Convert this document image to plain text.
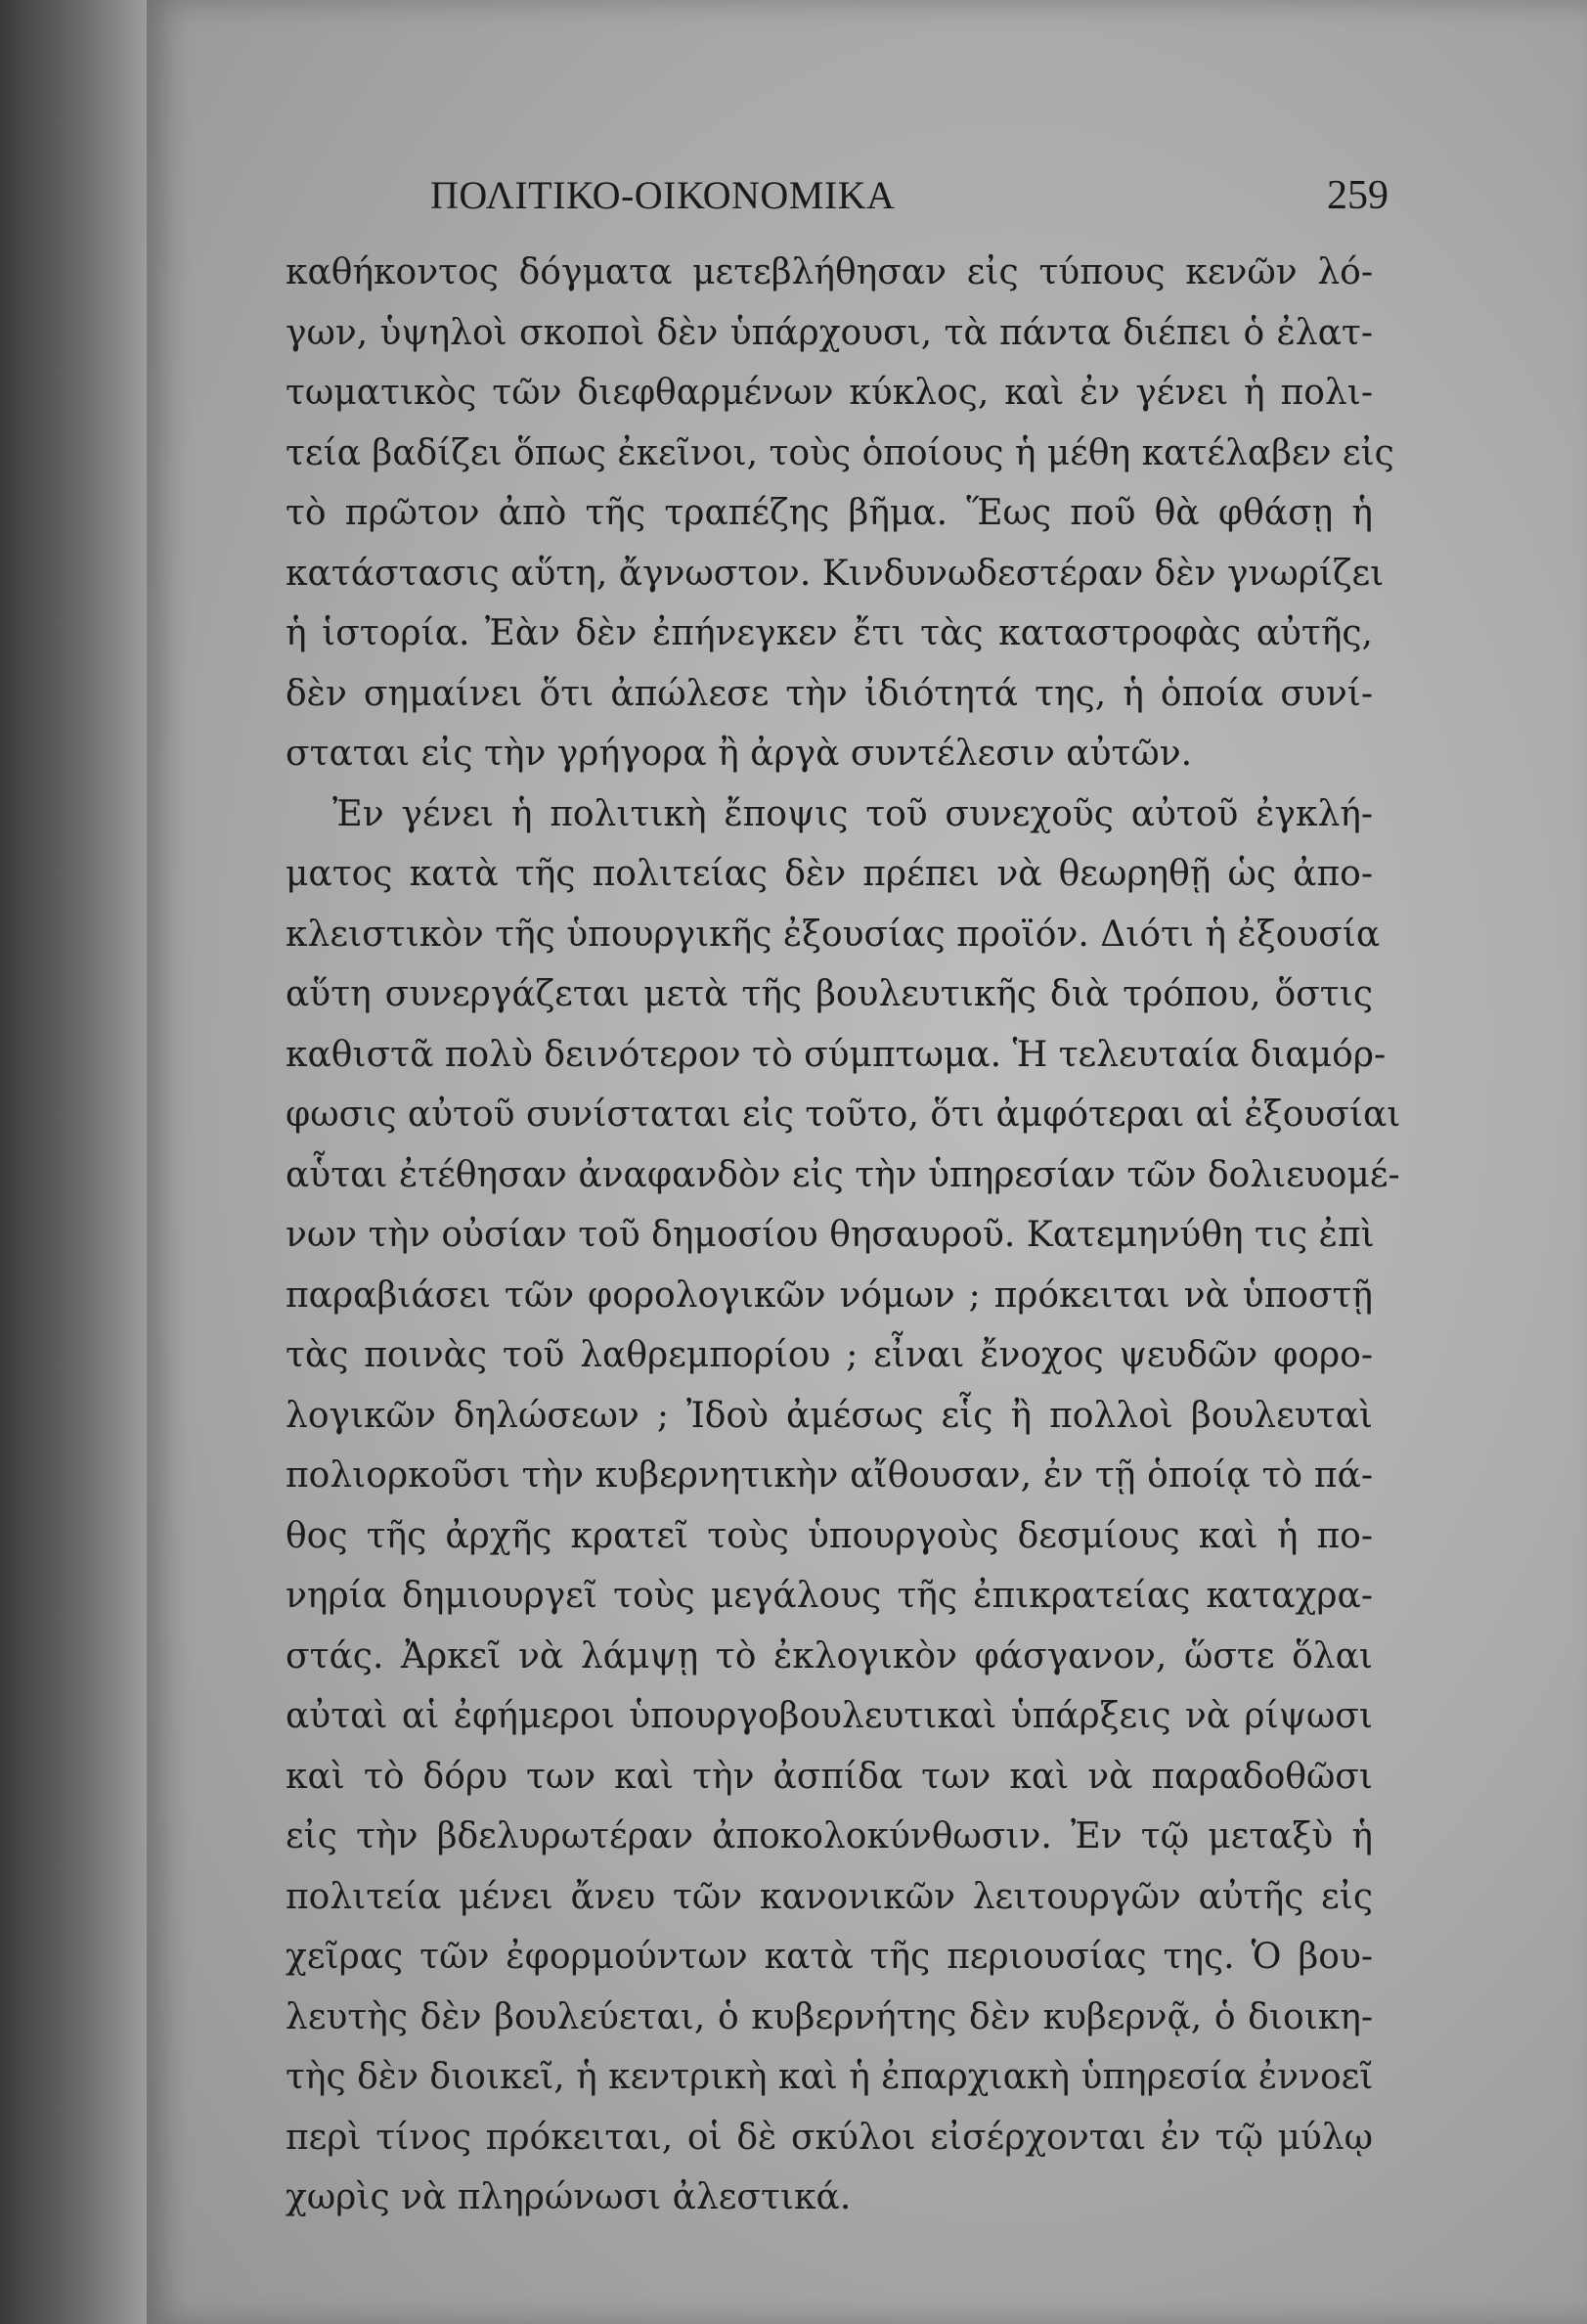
ΠΟΛΙΤΙΚΟ-ΟΙΚΟΝΟΜΙΚΑ	259
καθήκοντος δόγματα μετεβλήθησαν εἰς τύπους κενῶν λό-
γων, ὑψηλοὶ σκοποὶ δὲν ὑπάρχουσι, τὰ πάντα διέπει ὁ ἐλατ-
τωματικὸς τῶν διεφθαρμένων κύκλος, καὶ ἐν γένει ἡ πολι-
τεία βαδίζει ὅπως ἐκεῖνοι, τοὺς ὁποίους ἡ μέθη κατέλαβεν εἰς
τὸ πρῶτον ἀπὸ τῆς τραπέζης βῆμα. Ἕως ποῦ θὰ φθάσῃ ἡ
κατάστασις αὕτη, ἄγνωστον. Κινδυνωδεστέραν δὲν γνωρίζει
ἡ ἱστορία. Ἐὰν δὲν ἐπήνεγκεν ἔτι τὰς καταστροφὰς αὐτῆς,
δὲν σημαίνει ὅτι ἀπώλεσε τὴν ἰδιότητά της, ἡ ὁποία συνί-
σταται εἰς τὴν γρήγορα ἢ ἀργὰ συντέλεσιν αὐτῶν.
Ἐν γένει ἡ πολιτικὴ ἔποψις τοῦ συνεχοῦς αὐτοῦ ἐγκλή-
ματος κατὰ τῆς πολιτείας δὲν πρέπει νὰ θεωρηθῇ ὡς ἀπο-
κλειστικὸν τῆς ὑπουργικῆς ἐξουσίας προϊόν. Διότι ἡ ἐξουσία
αὕτη συνεργάζεται μετὰ τῆς βουλευτικῆς διὰ τρόπου, ὅστις
καθιστᾶ πολὺ δεινότερον τὸ σύμπτωμα. Ἡ τελευταία διαμόρ-
φωσις αὐτοῦ συνίσταται εἰς τοῦτο, ὅτι ἀμφότεραι αἱ ἐξουσίαι
αὗται ἐτέθησαν ἀναφανδὸν εἰς τὴν ὑπηρεσίαν τῶν δολιευομέ-
νων τὴν οὐσίαν τοῦ δημοσίου θησαυροῦ. Κατεμηνύθη τις ἐπὶ
παραβιάσει τῶν φορολογικῶν νόμων ; πρόκειται νὰ ὑποστῇ
τὰς ποινὰς τοῦ λαθρεμπορίου ; εἶναι ἔνοχος ψευδῶν φορο-
λογικῶν δηλώσεων ; Ἰδοὺ ἀμέσως εἷς ἢ πολλοὶ βουλευταὶ
πολιορκοῦσι τὴν κυβερνητικὴν αἴθουσαν, ἐν τῇ ὁποίᾳ τὸ πά-
θος τῆς ἀρχῆς κρατεῖ τοὺς ὑπουργοὺς δεσμίους καὶ ἡ πο-
νηρία δημιουργεῖ τοὺς μεγάλους τῆς ἐπικρατείας καταχρα-
στάς. Ἀρκεῖ νὰ λάμψῃ τὸ ἐκλογικὸν φάσγανον, ὥστε ὅλαι
αὐταὶ αἱ ἐφήμεροι ὑπουργοβουλευτικαὶ ὑπάρξεις νὰ ρίψωσι
καὶ τὸ δόρυ των καὶ τὴν ἀσπίδα των καὶ νὰ παραδοθῶσι
εἰς τὴν βδελυρωτέραν ἀποκολοκύνθωσιν. Ἐν τῷ μεταξὺ ἡ
πολιτεία μένει ἄνευ τῶν κανονικῶν λειτουργῶν αὐτῆς εἰς
χεῖρας τῶν ἐφορμούντων κατὰ τῆς περιουσίας της. Ὁ βου-
λευτὴς δὲν βουλεύεται, ὁ κυβερνήτης δὲν κυβερνᾷ, ὁ διοικη-
τὴς δὲν διοικεῖ, ἡ κεντρικὴ καὶ ἡ ἐπαρχιακὴ ὑπηρεσία ἐννοεῖ
περὶ τίνος πρόκειται, οἱ δὲ σκύλοι εἰσέρχονται ἐν τῷ μύλῳ
χωρὶς νὰ πληρώνωσι ἀλεστικά.
